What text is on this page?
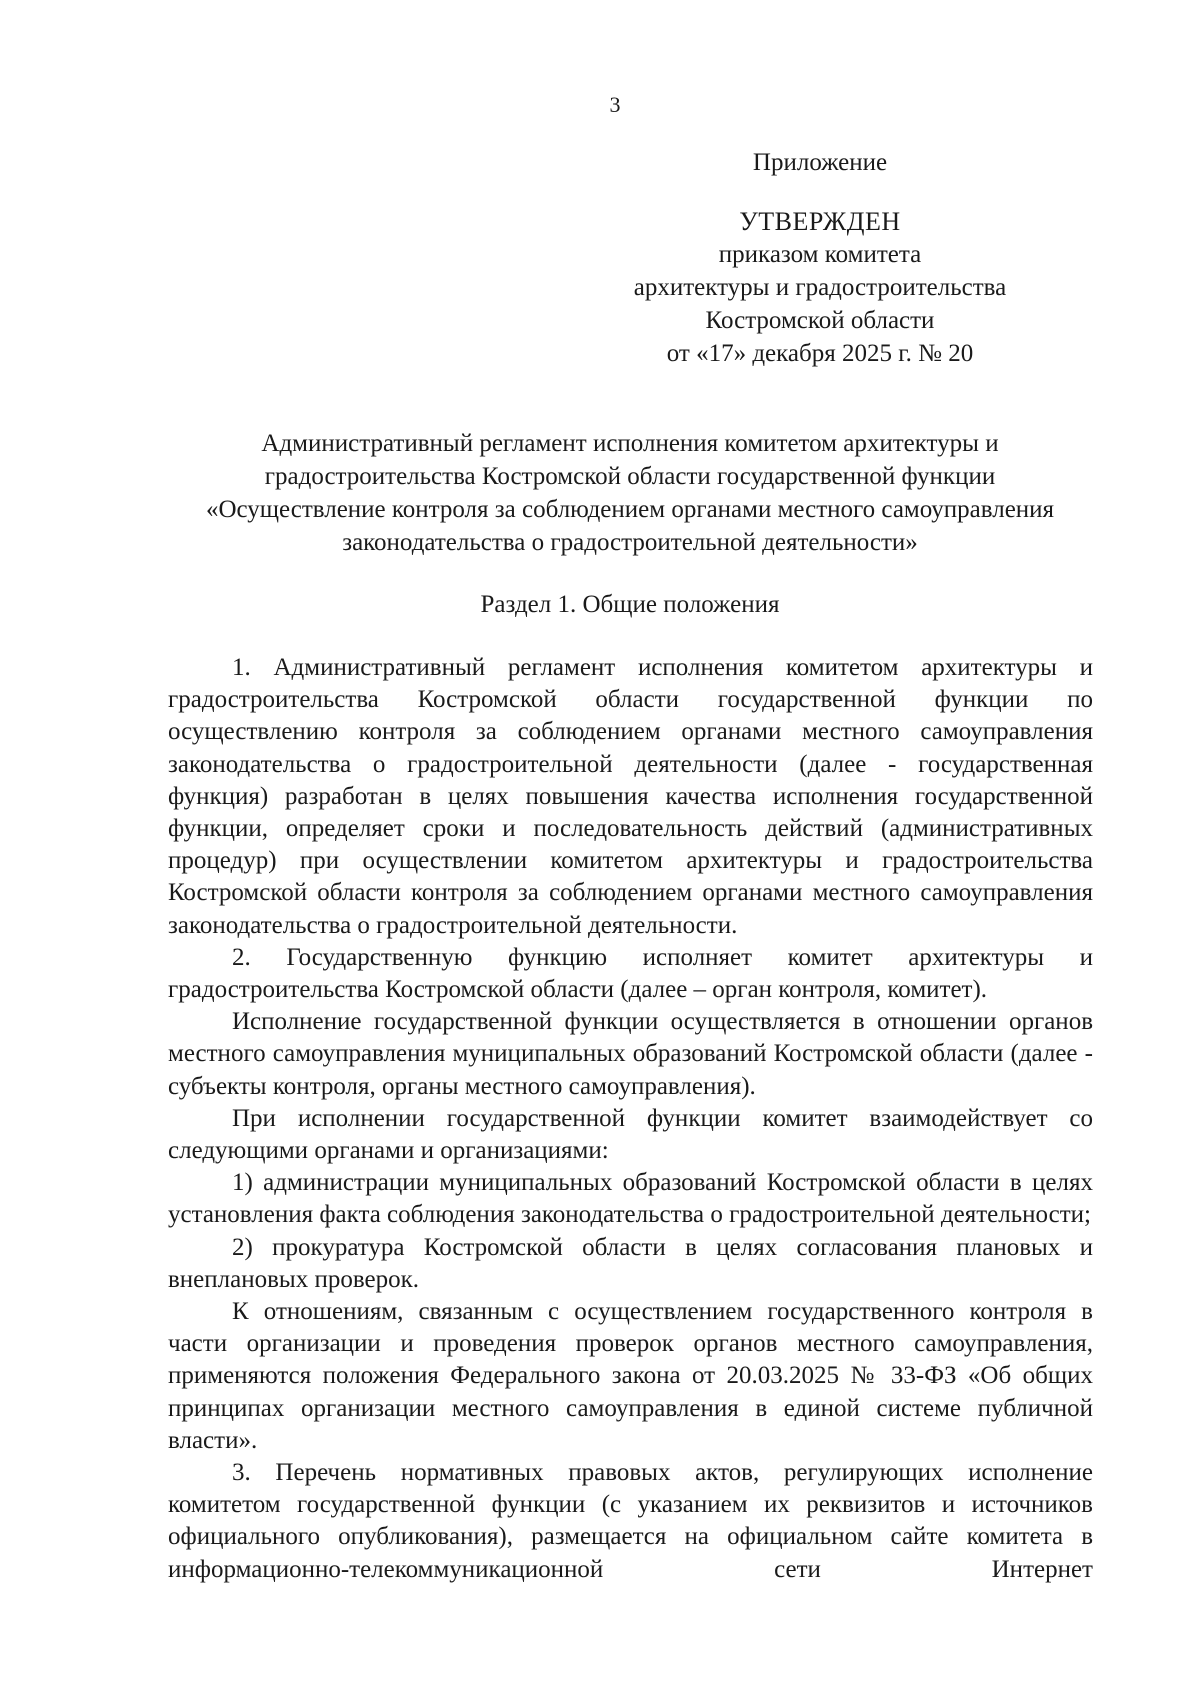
3
Приложение
УТВЕРЖДЕН
приказом комитета
архитектуры и градостроительства
Костромской области
от «17» декабря 2025 г. № 20
Административный регламент исполнения комитетом архитектуры и
градостроительства Костромской области государственной функции
«Осуществление контроля за соблюдением органами местного самоуправления
законодательства о градостроительной деятельности»
Раздел 1. Общие положения

1. Административный регламент исполнения комитетом архитектуры и градостроительства Костромской области государственной функции по осуществлению контроля за соблюдением органами местного самоуправления законодательства о градостроительной деятельности (далее - государственная функция) разработан в целях повышения качества исполнения государственной функции, определяет сроки и последовательность действий (административных процедур) при осуществлении комитетом архитектуры и градостроительства Костромской области контроля за соблюдением органами местного самоуправления законодательства о градостроительной деятельности.

2. Государственную функцию исполняет комитет архитектуры и градостроительства Костромской области (далее – орган контроля, комитет).

Исполнение государственной функции осуществляется в отношении органов местного самоуправления муниципальных образований Костромской области (далее - субъекты контроля, органы местного самоуправления).

При исполнении государственной функции комитет взаимодействует со следующими органами и организациями:

1) администрации муниципальных образований Костромской области в целях установления факта соблюдения законодательства о градостроительной деятельности;

2) прокуратура Костромской области в целях согласования плановых и внеплановых проверок.

К отношениям, связанным с осуществлением государственного контроля в части организации и проведения проверок органов местного самоуправления, применяются положения Федерального закона от 20.03.2025 № 33-ФЗ «Об общих принципах организации местного самоуправления в единой системе публичной власти».

3. Перечень нормативных правовых актов, регулирующих исполнение комитетом государственной функции (с указанием их реквизитов и источников официального опубликования), размещается на официальном сайте комитета в информационно-телекоммуникационной сети Интернет
